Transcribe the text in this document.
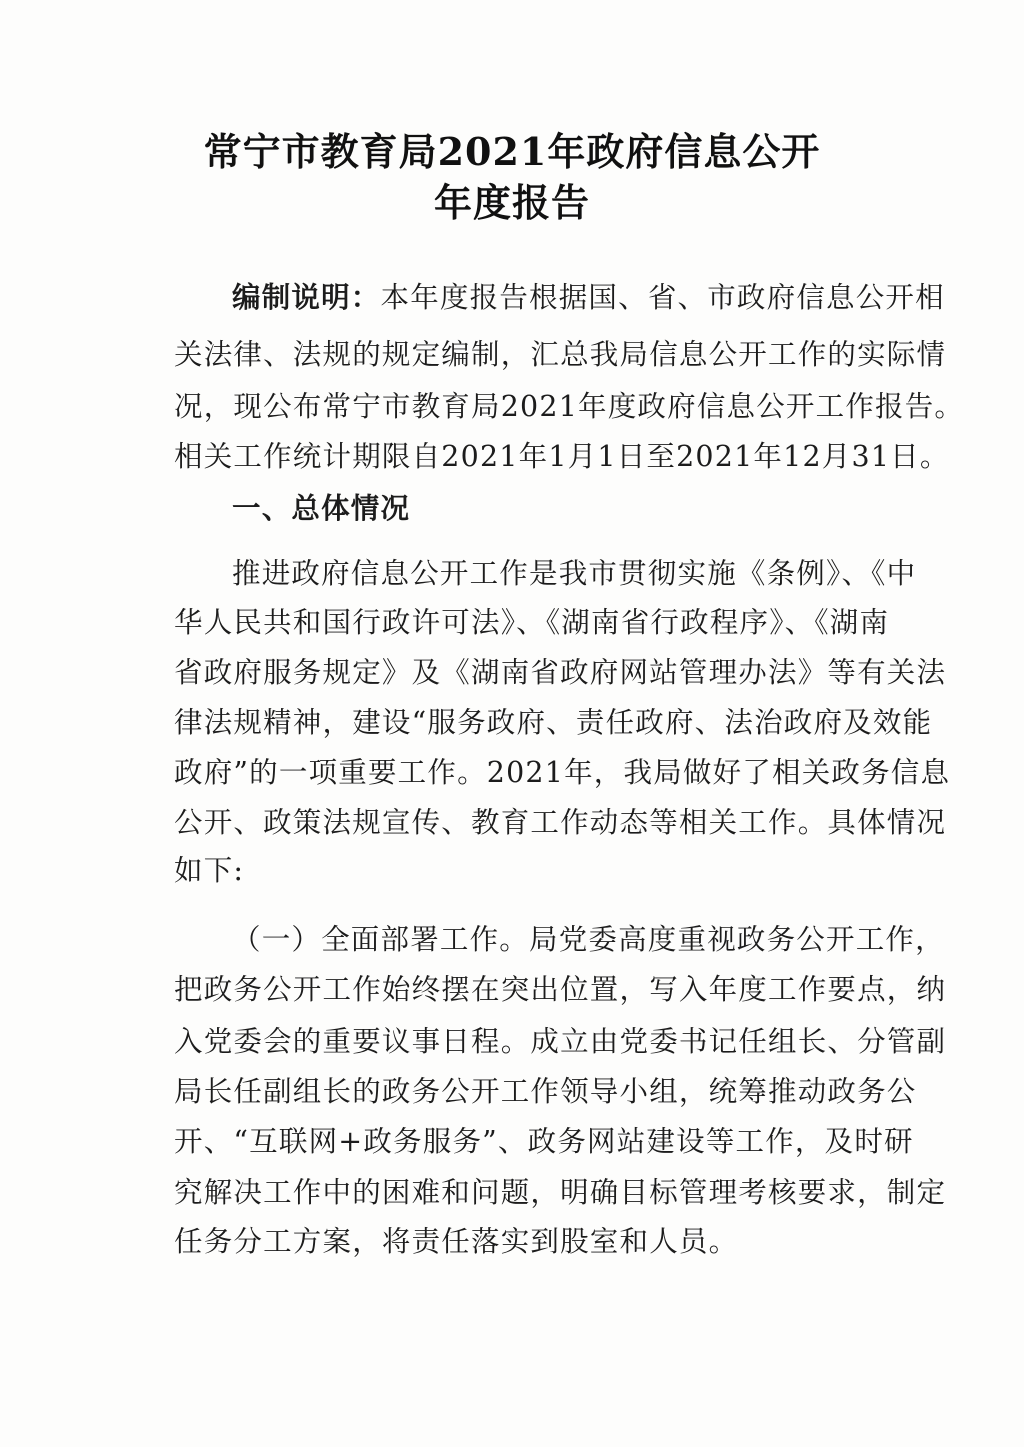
常宁市教育局2021年政府信息公开
年度报告
编制说明：本年度报告根据国、省、市政府信息公开相
关法律、法规的规定编制，汇总我局信息公开工作的实际情
况，现公布常宁市教育局2021年度政府信息公开工作报告。
相关工作统计期限自2021年1月1日至2021年12月31日。
一、总体情况
推进政府信息公开工作是我市贯彻实施《条例》、《中
华人民共和国行政许可法》、《湖南省行政程序》、《湖南
省政府服务规定》及《湖南省政府网站管理办法》等有关法
律法规精神，建设“服务政府、责任政府、法治政府及效能
政府”的一项重要工作。2021年，我局做好了相关政务信息
公开、政策法规宣传、教育工作动态等相关工作。具体情况
如下:
（一）全面部署工作。局党委高度重视政务公开工作，
把政务公开工作始终摆在突出位置，写入年度工作要点，纳
入党委会的重要议事日程。成立由党委书记任组长、分管副
局长任副组长的政务公开工作领导小组，统筹推动政务公
开、“互联网+政务服务”、政务网站建设等工作，及时研
究解决工作中的困难和问题，明确目标管理考核要求，制定
任务分工方案，将责任落实到股室和人员。
